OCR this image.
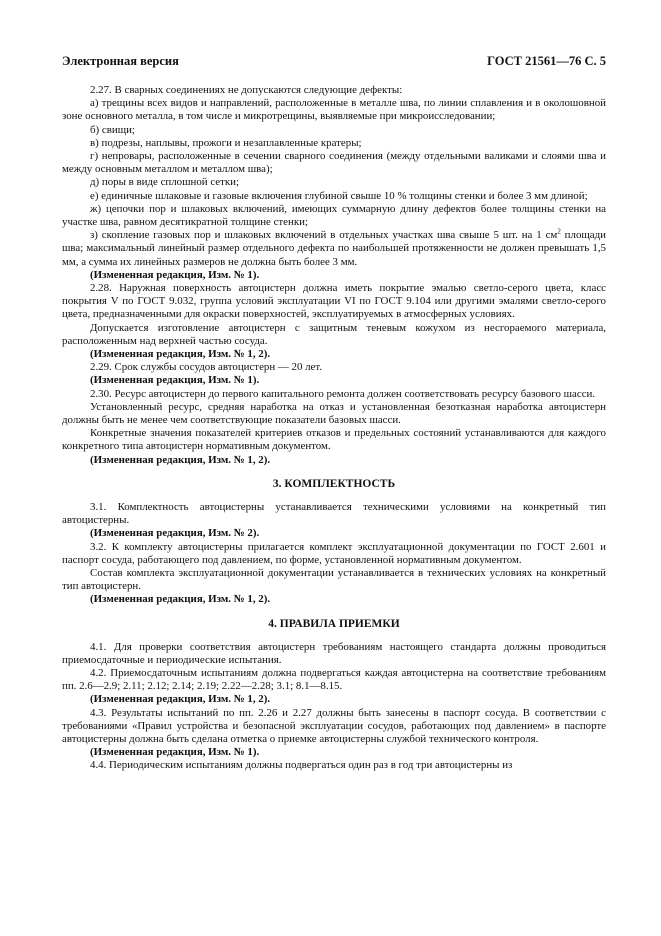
Электронная версия	ГОСТ 21561—76 С. 5

2.27. В сварных соединениях не допускаются следующие дефекты:

а) трещины всех видов и направлений, расположенные в металле шва, по линии сплавления и в околошовной зоне основного металла, в том числе и микротрещины, выявляемые при микроисследовании;

б) свищи;

в) подрезы, наплывы, прожоги и незаплавленные кратеры;

г) непровары, расположенные в сечении сварного соединения (между отдельными валиками и слоями шва и между основным металлом и металлом шва);

д) поры в виде сплошной сетки;

е) единичные шлаковые и газовые включения глубиной свыше 10 % толщины стенки и более 3 мм длиной;

ж) цепочки пор и шлаковых включений, имеющих суммарную длину дефектов более толщины стенки на участке шва, равном десятикратной толщине стенки;

з) скопление газовых пор и шлаковых включений в отдельных участках шва свыше 5 шт. на 1 $см^2$ площади шва; максимальный линейный размер отдельного дефекта по наибольшей протяженности не должен превышать 1,5 мм, а сумма их линейных размеров не должна быть более 3 мм.

(Измененная редакция, Изм. № 1).

2.28. Наружная поверхность автоцистерн должна иметь покрытие эмалью светло-серого цвета, класс покрытия V по ГОСТ 9.032, группа условий эксплуатации VI по ГОСТ 9.104 или другими эмалями светло-серого цвета, предназначенными для окраски поверхностей, эксплуатируемых в атмосферных условиях.

Допускается изготовление автоцистерн с защитным теневым кожухом из несгораемого материала, расположенным над верхней частью сосуда.

(Измененная редакция, Изм. № 1, 2).

2.29. Срок службы сосудов автоцистерн — 20 лет.

(Измененная редакция, Изм. № 1).

2.30. Ресурс автоцистерн до первого капитального ремонта должен соответствовать ресурсу базового шасси.

Установленный ресурс, средняя наработка на отказ и установленная безотказная наработка автоцистерн должны быть не менее чем соответствующие показатели базовых шасси.

Конкретные значения показателей критериев отказов и предельных состояний устанавливаются для каждого конкретного типа автоцистерн нормативным документом.

(Измененная редакция, Изм. № 1, 2).

3. КОМПЛЕКТНОСТЬ

3.1. Комплектность автоцистерны устанавливается техническими условиями на конкретный тип автоцистерны.

(Измененная редакция, Изм. № 2).

3.2. К комплекту автоцистерны прилагается комплект эксплуатационной документации по ГОСТ 2.601 и паспорт сосуда, работающего под давлением, по форме, установленной нормативным документом.

Состав комплекта эксплуатационной документации устанавливается в технических условиях на конкретный тип автоцистерн.

(Измененная редакция, Изм. № 1, 2).

4. ПРАВИЛА ПРИЕМКИ

4.1. Для проверки соответствия автоцистерн требованиям настоящего стандарта должны проводиться приемосдаточные и периодические испытания.

4.2. Приемосдаточным испытаниям должна подвергаться каждая автоцистерна на соответствие требованиям пп. 2.6—2.9; 2.11; 2.12; 2.14; 2.19; 2.22—2.28; 3.1; 8.1—8.15.

(Измененная редакция, Изм. № 1, 2).

4.3. Результаты испытаний по пп. 2.26 и 2.27 должны быть занесены в паспорт сосуда. В соответствии с требованиями «Правил устройства и безопасной эксплуатации сосудов, работающих под давлением» в паспорте автоцистерны должна быть сделана отметка о приемке автоцистерны службой технического контроля.

(Измененная редакция, Изм. № 1).

4.4. Периодическим испытаниям должны подвергаться один раз в год три автоцистерны из
